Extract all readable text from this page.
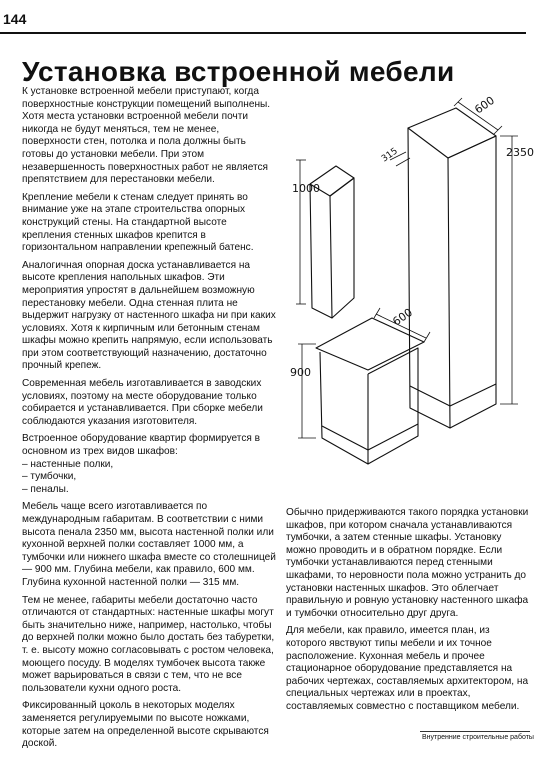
144
Установка встроенной мебели

К установке встроенной мебели приступают, когда поверхностные конструкции помещений выполнены. Хотя места установки встроенной мебели почти никогда не будут меняться, тем не менее, поверхности стен, потолка и пола должны быть готовы до установки мебели. При этом незавершенность поверхностных работ не является препятствием для перестановки мебели.

Крепление мебели к стенам следует принять во внимание уже на этапе строительства опорных конструкций стены. На стандартной высоте крепления стенных шкафов крепится в горизонтальном направлении крепежный батенс.

Аналогичная опорная доска устанавливается на высоте крепления напольных шкафов. Эти мероприятия упростят в дальнейшем возможную перестановку мебели. Одна стенная плита не выдержит нагрузку от настенного шкафа ни при каких условиях. Хотя к кирпичным или бетонным стенам шкафы можно крепить напрямую, если использовать при этом соответствующий назначению, достаточно прочный крепеж.

Современная мебель изготавливается в заводских условиях, поэтому на месте оборудование только собирается и устанавливается. При сборке мебели соблюдаются указания изготовителя.

Встроенное оборудование квартир формируется в основном из трех видов шкафов:

– настенные полки,
– тумбочки,
– пеналы.

Мебель чаще всего изготавливается по международным габаритам. В соответствии с ними высота пенала 2350 мм, высота настенной полки или кухонной верхней полки составляет 1000 мм, а тумбочки или нижнего шкафа вместе со столешницей — 900 мм. Глубина мебели, как правило, 600 мм. Глубина кухонной настенной полки — 315 мм.

Тем не менее, габариты мебели достаточно часто отличаются от стандартных: настенные шкафы могут быть значительно ниже, например, настолько, чтобы до верхней полки можно было достать без табуретки, т. е. высоту можно согласовывать с ростом человека, моющего посуду. В моделях тумбочек высота также может варьироваться в связи с тем, что не все пользователи кухни одного роста.

Фиксированный цоколь в некоторых моделях заменяется регулируемыми по высоте ножками, которые затем на определенной высоте скрываются доской.

600
2350
315
1000
600
900

Обычно придерживаются такого порядка установки шкафов, при котором сначала устанавливаются тумбочки, а затем стенные шкафы. Установку можно проводить и в обратном порядке. Если тумбочки устанавливаются перед стенными шкафами, то неровности пола можно устранить до установки настенных шкафов. Это облегчает правильную и ровную установку настенного шкафа и тумбочки относительно друг друга.

Для мебели, как правило, имеется план, из которого явствуют типы мебели и их точное расположение. Кухонная мебель и прочее стационарное оборудование представляется на рабочих чертежах, составляемых архитектором, на специальных чертежах или в проектах, составляемых совместно с поставщиком мебели.

Внутренние строительные работы
